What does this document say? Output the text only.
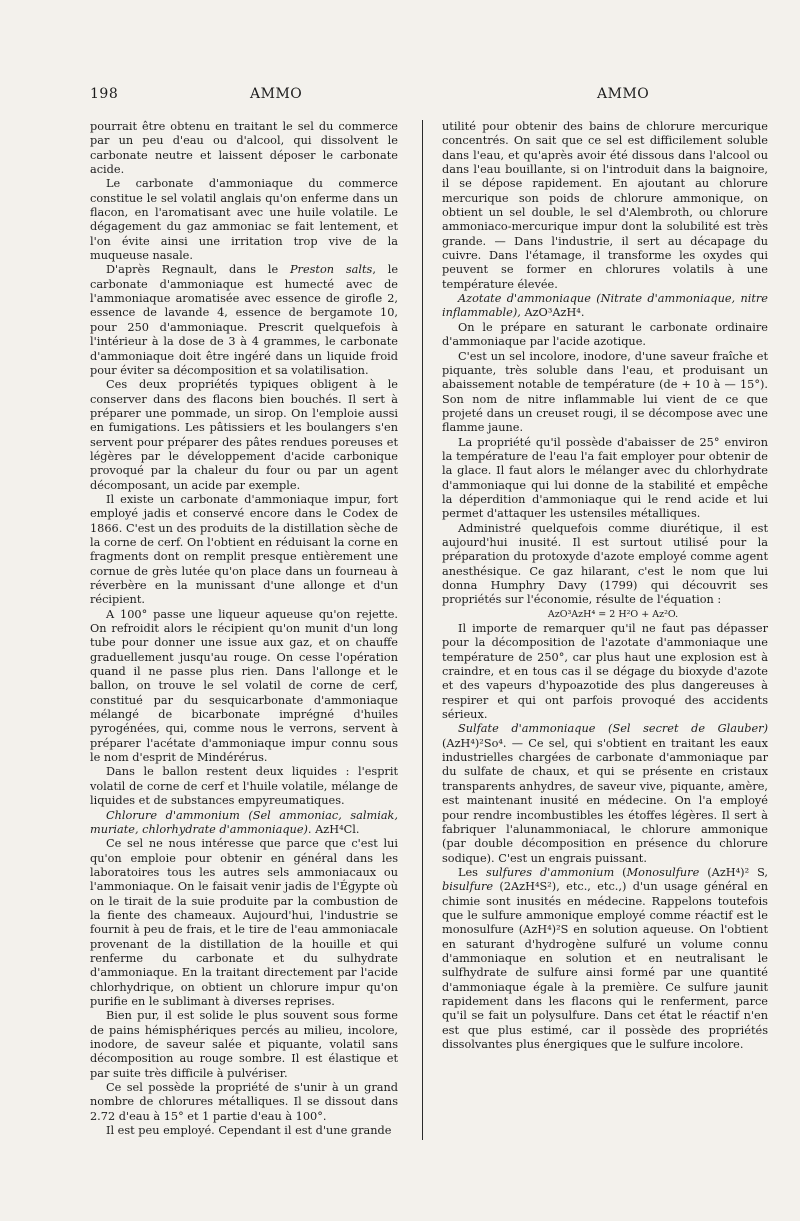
198	AMMO	AMMO

pourrait être obtenu en traitant le sel du commerce par un peu d'eau ou d'alcool, qui dissolvent le carbonate neutre et laissent déposer le carbonate acide.

Le carbonate d'ammoniaque du commerce constitue le sel volatil anglais qu'on enferme dans un flacon, en l'aromatisant avec une huile volatile. Le dégagement du gaz ammoniac se fait lentement, et l'on évite ainsi une irritation trop vive de la muqueuse nasale.

D'après Regnault, dans le Preston salts, le carbonate d'ammoniaque est humecté avec de l'ammoniaque aromatisée avec essence de girofle 2, essence de lavande 4, essence de bergamote 10, pour 250 d'ammoniaque. Prescrit quelquefois à l'intérieur à la dose de 3 à 4 grammes, le carbonate d'ammoniaque doit être ingéré dans un liquide froid pour éviter sa décomposition et sa volatilisation.

Ces deux propriétés typiques obligent à le conserver dans des flacons bien bouchés. Il sert à préparer une pommade, un sirop. On l'emploie aussi en fumigations. Les pâtissiers et les boulangers s'en servent pour préparer des pâtes rendues poreuses et légères par le développement d'acide carbonique provoqué par la chaleur du four ou par un agent décomposant, un acide par exemple.

Il existe un carbonate d'ammoniaque impur, fort employé jadis et conservé encore dans le Codex de 1866. C'est un des produits de la distillation sèche de la corne de cerf. On l'obtient en réduisant la corne en fragments dont on remplit presque entièrement une cornue de grès lutée qu'on place dans un fourneau à réverbère en la munissant d'une allonge et d'un récipient.

A 100° passe une liqueur aqueuse qu'on rejette. On refroidit alors le récipient qu'on munit d'un long tube pour donner une issue aux gaz, et on chauffe graduellement jusqu'au rouge. On cesse l'opération quand il ne passe plus rien. Dans l'allonge et le ballon, on trouve le sel volatil de corne de cerf, constitué par du sesquicarbonate d'ammoniaque mélangé de bicarbonate imprégné d'huiles pyrogénées, qui, comme nous le verrons, servent à préparer l'acétate d'ammoniaque impur connu sous le nom d'esprit de Mindérérus.

Dans le ballon restent deux liquides : l'esprit volatil de corne de cerf et l'huile volatile, mélange de liquides et de substances empyreumatiques.

Chlorure d'ammonium (Sel ammoniac, salmiak, muriate, chlorhydrate d'ammoniaque). AzH⁴Cl.

Ce sel ne nous intéresse que parce que c'est lui qu'on emploie pour obtenir en général dans les laboratoires tous les autres sels ammoniacaux ou l'ammoniaque. On le faisait venir jadis de l'Égypte où on le tirait de la suie produite par la combustion de la fiente des chameaux. Aujourd'hui, l'industrie se fournit à peu de frais, et le tire de l'eau ammoniacale provenant de la distillation de la houille et qui renferme du carbonate et du sulhydrate d'ammoniaque. En la traitant directement par l'acide chlorhydrique, on obtient un chlorure impur qu'on purifie en le sublimant à diverses reprises.

Bien pur, il est solide le plus souvent sous forme de pains hémisphériques percés au milieu, incolore, inodore, de saveur salée et piquante, volatil sans décomposition au rouge sombre. Il est élastique et par suite très difficile à pulvériser.

Ce sel possède la propriété de s'unir à un grand nombre de chlorures métalliques. Il se dissout dans 2.72 d'eau à 15° et 1 partie d'eau à 100°.

Il est peu employé. Cependant il est d'une grande

utilité pour obtenir des bains de chlorure mercurique concentrés. On sait que ce sel est difficilement soluble dans l'eau, et qu'après avoir été dissous dans l'alcool ou dans l'eau bouillante, si on l'introduit dans la baignoire, il se dépose rapidement. En ajoutant au chlorure mercurique son poids de chlorure ammonique, on obtient un sel double, le sel d'Alembroth, ou chlorure ammoniaco-mercurique impur dont la solubilité est très grande. — Dans l'industrie, il sert au décapage du cuivre. Dans l'étamage, il transforme les oxydes qui peuvent se former en chlorures volatils à une température élevée.

Azotate d'ammoniaque (Nitrate d'ammoniaque, nitre inflammable), AzO³AzH⁴.

On le prépare en saturant le carbonate ordinaire d'ammoniaque par l'acide azotique.

C'est un sel incolore, inodore, d'une saveur fraîche et piquante, très soluble dans l'eau, et produisant un abaissement notable de température (de + 10 à — 15°). Son nom de nitre inflammable lui vient de ce que projeté dans un creuset rougi, il se décompose avec une flamme jaune.

La propriété qu'il possède d'abaisser de 25° environ la température de l'eau l'a fait employer pour obtenir de la glace. Il faut alors le mélanger avec du chlorhydrate d'ammoniaque qui lui donne de la stabilité et empêche la déperdition d'ammoniaque qui le rend acide et lui permet d'attaquer les ustensiles métalliques.

Administré quelquefois comme diurétique, il est aujourd'hui inusité. Il est surtout utilisé pour la préparation du protoxyde d'azote employé comme agent anesthésique. Ce gaz hilarant, c'est le nom que lui donna Humphry Davy (1799) qui découvrit ses propriétés sur l'économie, résulte de l'équation :

AzO³AzH⁴ = 2 H²O + Az²O.

Il importe de remarquer qu'il ne faut pas dépasser pour la décomposition de l'azotate d'ammoniaque une température de 250°, car plus haut une explosion est à craindre, et en tous cas il se dégage du bioxyde d'azote et des vapeurs d'hypoazotide des plus dangereuses à respirer et qui ont parfois provoqué des accidents sérieux.

Sulfate d'ammoniaque (Sel secret de Glauber) (AzH⁴)²So⁴. — Ce sel, qui s'obtient en traitant les eaux industrielles chargées de carbonate d'ammoniaque par du sulfate de chaux, et qui se présente en cristaux transparents anhydres, de saveur vive, piquante, amère, est maintenant inusité en médecine. On l'a employé pour rendre incombustibles les étoffes légères. Il sert à fabriquer l'alunammoniacal, le chlorure ammonique (par double décomposition en présence du chlorure sodique). C'est un engrais puissant.

Les sulfures d'ammonium (Monosulfure (AzH⁴)² S, bisulfure (2AzH⁴S²), etc., etc.,) d'un usage général en chimie sont inusités en médecine. Rappelons toutefois que le sulfure ammonique employé comme réactif est le monosulfure (AzH⁴)²S en solution aqueuse. On l'obtient en saturant d'hydrogène sulfuré un volume connu d'ammoniaque en solution et en neutralisant le sulfhydrate de sulfure ainsi formé par une quantité d'ammoniaque égale à la première. Ce sulfure jaunit rapidement dans les flacons qui le renferment, parce qu'il se fait un polysulfure. Dans cet état le réactif n'en est que plus estimé, car il possède des propriétés dissolvantes plus énergiques que le sulfure incolore.
